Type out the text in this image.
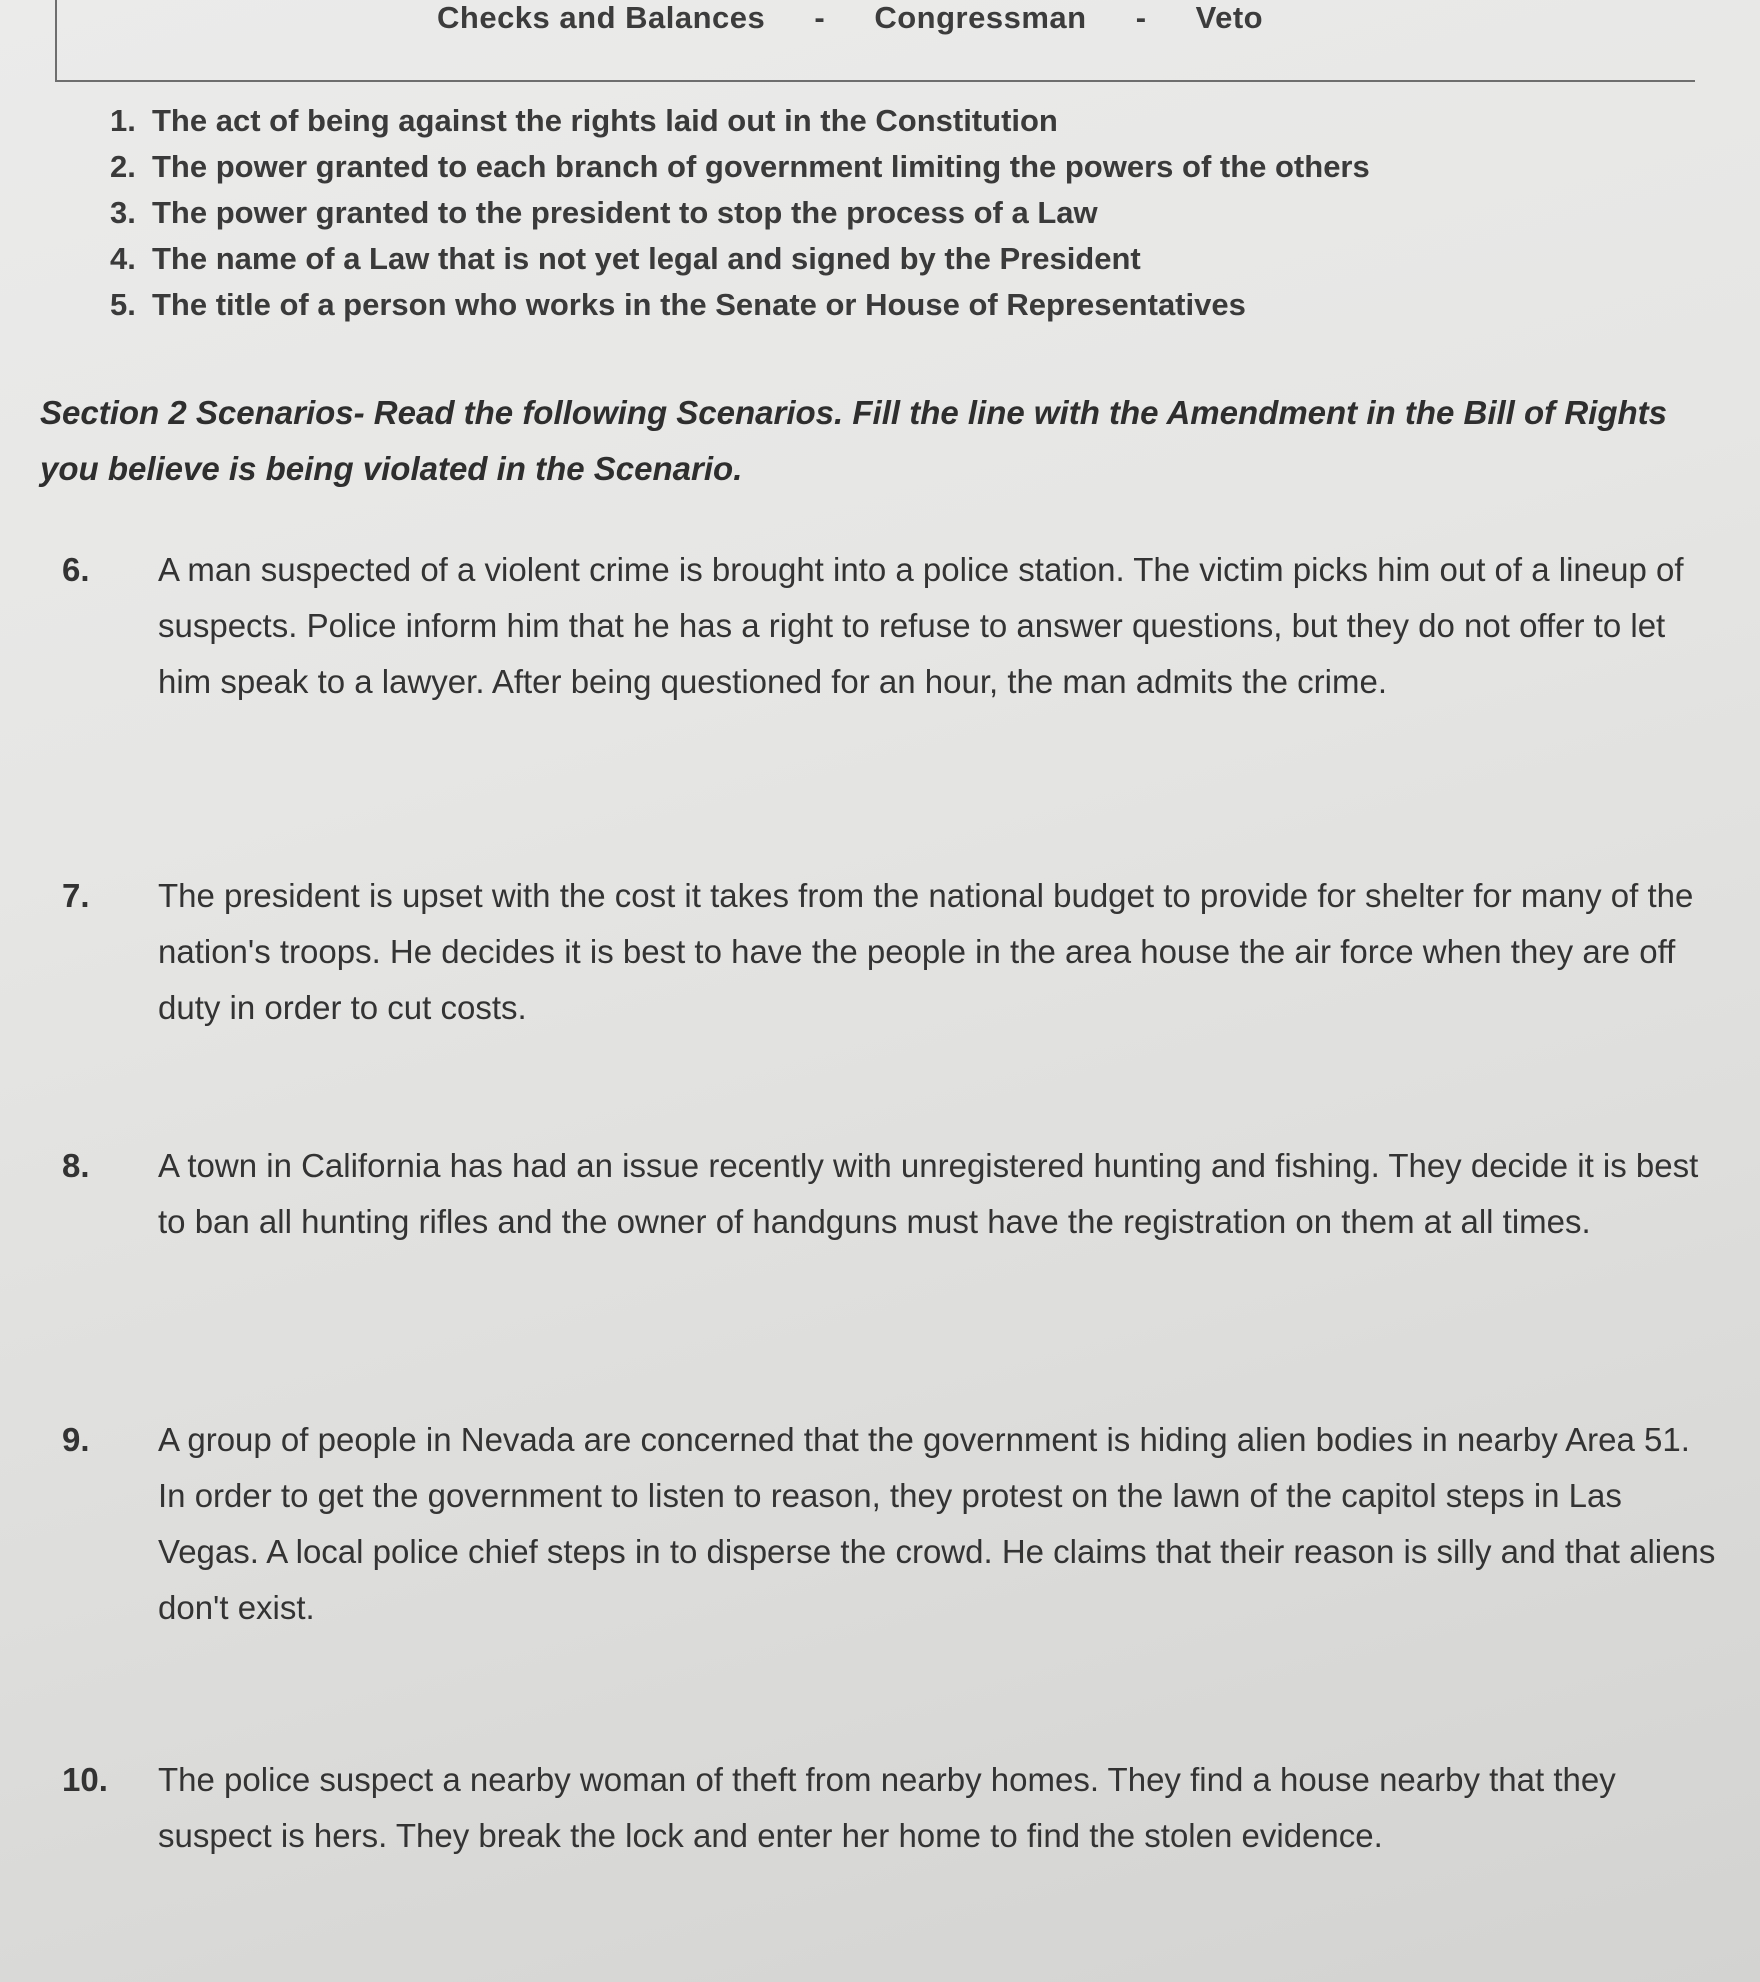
Checks and Balances - Congressman - Veto
1. The act of being against the rights laid out in the Constitution
2. The power granted to each branch of government limiting the powers of the others
3. The power granted to the president to stop the process of a Law
4. The name of a Law that is not yet legal and signed by the President
5. The title of a person who works in the Senate or House of Representatives
Section 2 Scenarios- Read the following Scenarios. Fill the line with the Amendment in the Bill of Rights you believe is being violated in the Scenario.
6. A man suspected of a violent crime is brought into a police station. The victim picks him out of a lineup of suspects. Police inform him that he has a right to refuse to answer questions, but they do not offer to let him speak to a lawyer. After being questioned for an hour, the man admits the crime.
7. The president is upset with the cost it takes from the national budget to provide for shelter for many of the nation's troops. He decides it is best to have the people in the area house the air force when they are off duty in order to cut costs.
8. A town in California has had an issue recently with unregistered hunting and fishing. They decide it is best to ban all hunting rifles and the owner of handguns must have the registration on them at all times.
9. A group of people in Nevada are concerned that the government is hiding alien bodies in nearby Area 51. In order to get the government to listen to reason, they protest on the lawn of the capitol steps in Las Vegas. A local police chief steps in to disperse the crowd. He claims that their reason is silly and that aliens don't exist.
10. The police suspect a nearby woman of theft from nearby homes. They find a house nearby that they suspect is hers. They break the lock and enter her home to find the stolen evidence.
